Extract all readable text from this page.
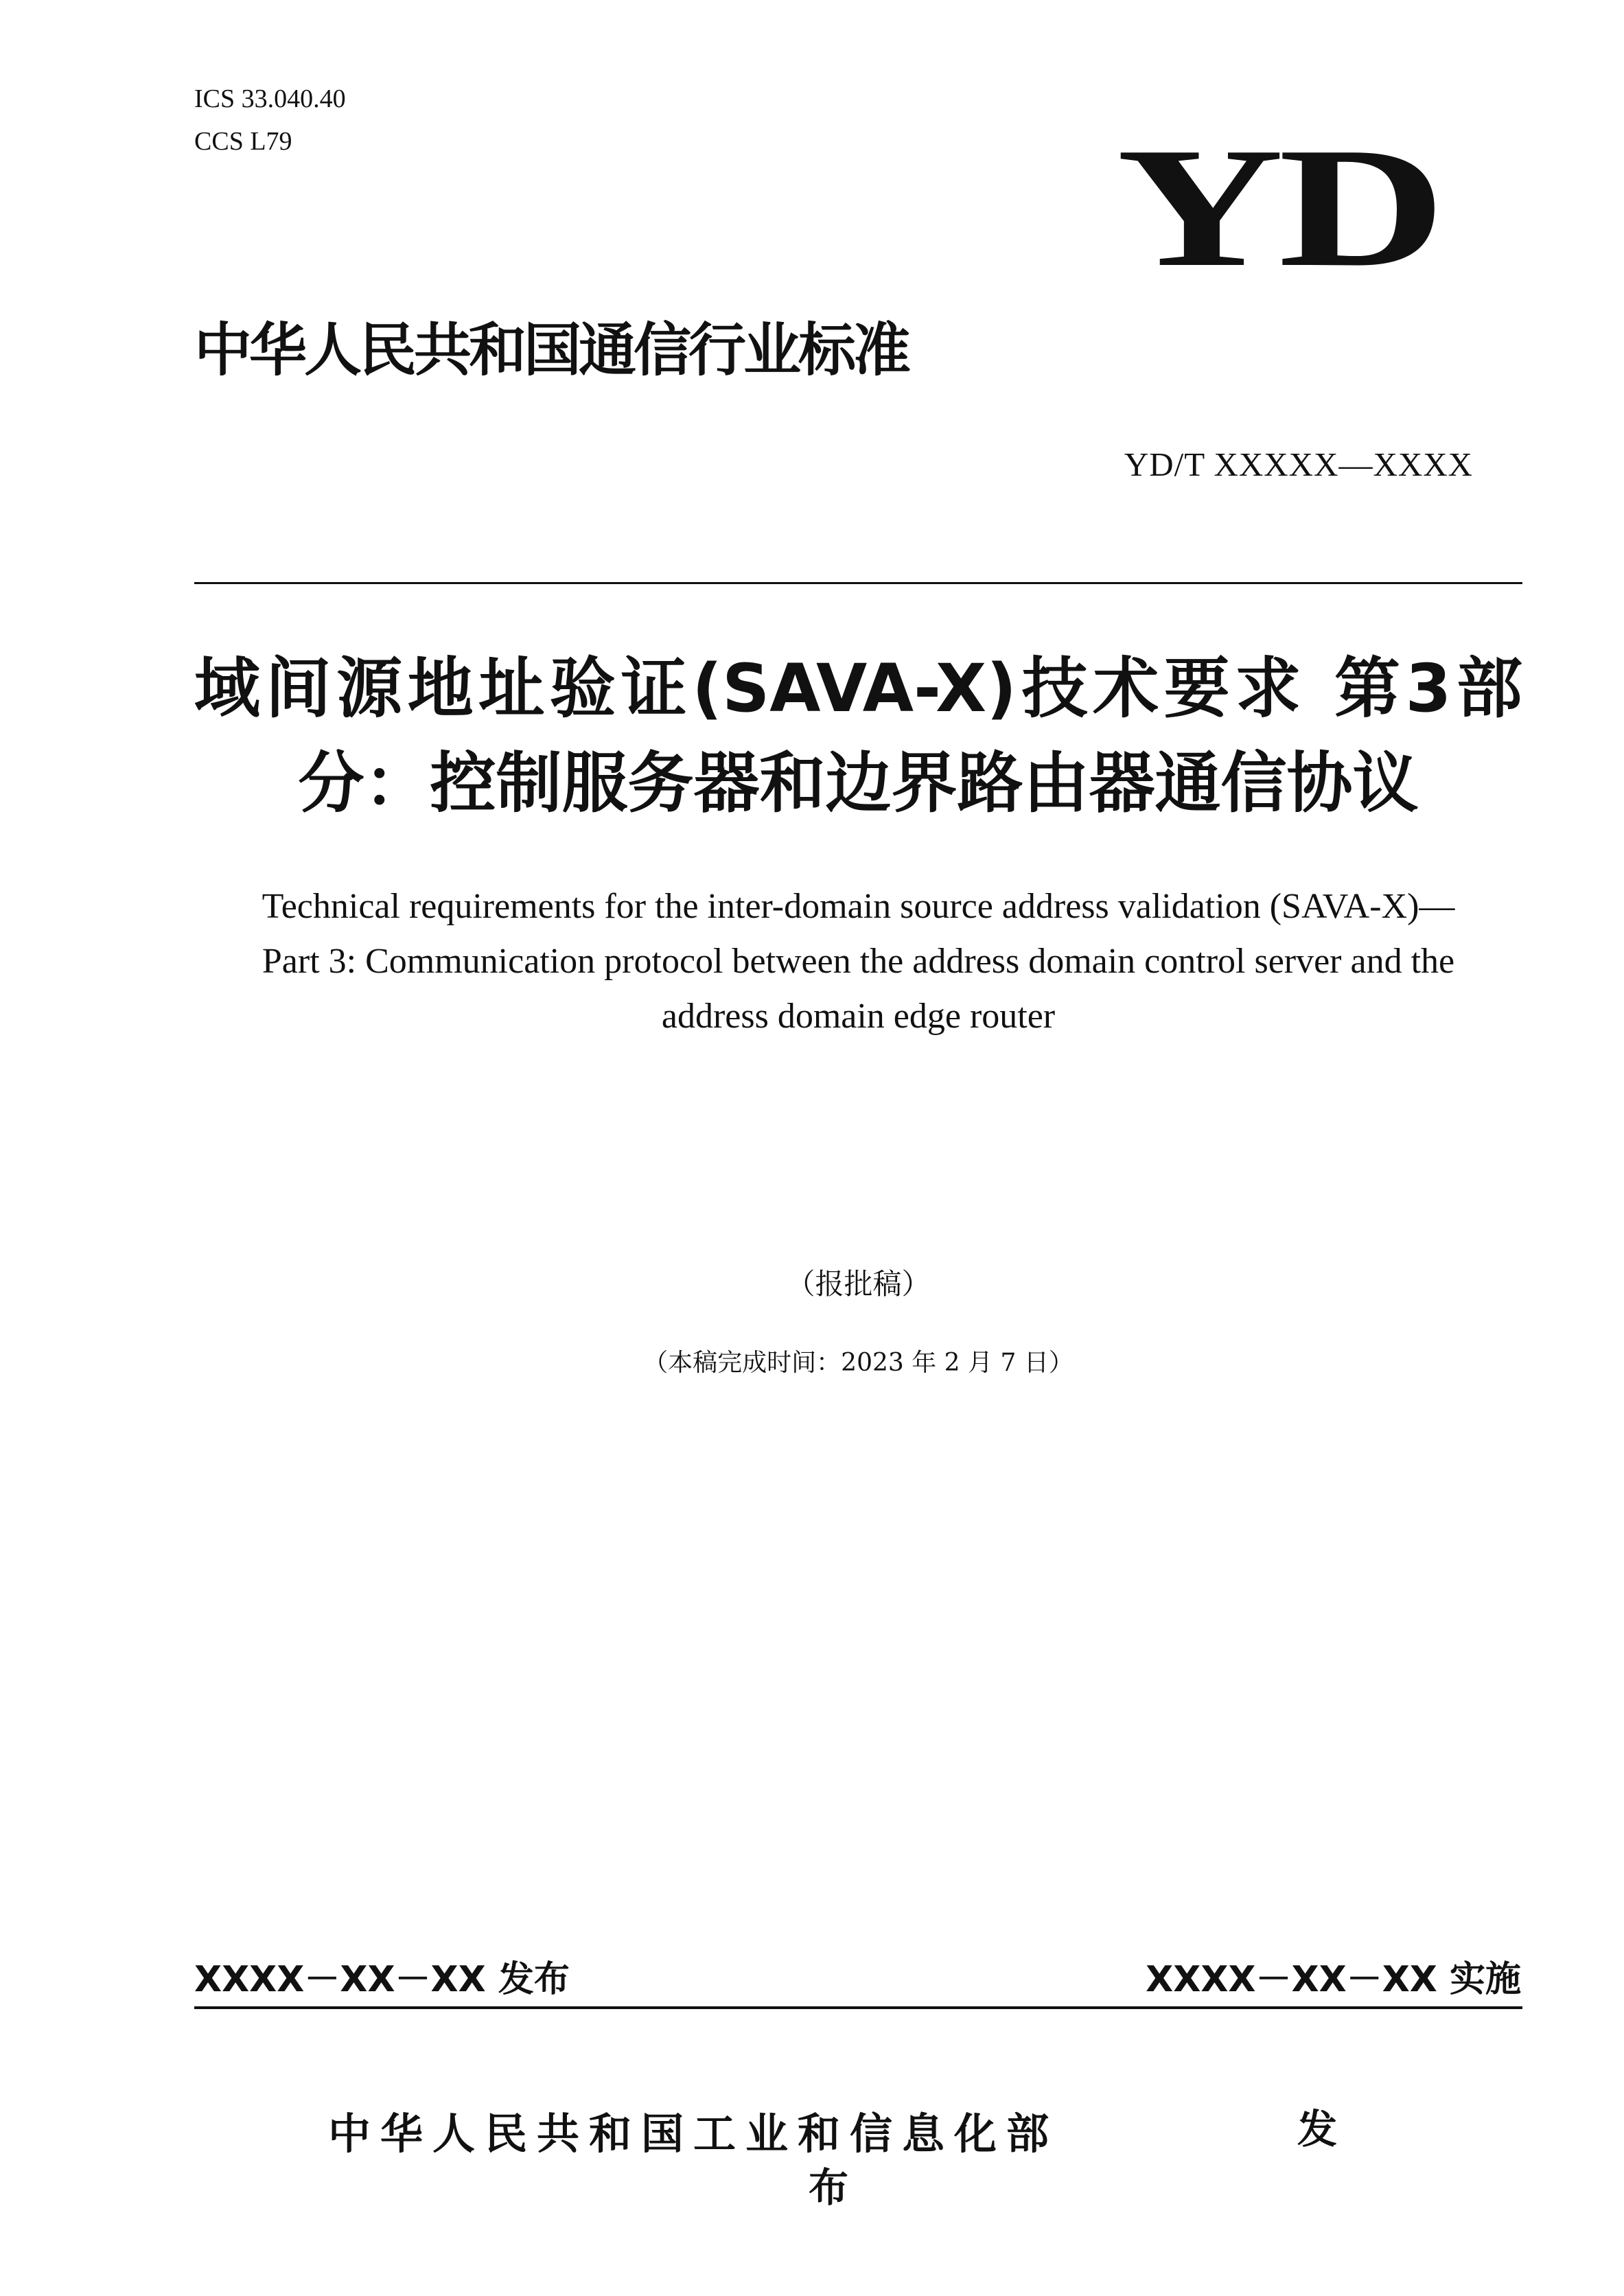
ICS 33.040.40
CCS L79	YD
中华人民共和国通信行业标准
YD/T XXXXX—XXXX
域间源地址验证(SAVA-X)技术要求 第3部
分：控制服务器和边界路由器通信协议
Technical requirements for the inter-domain source address validation (SAVA-X)—
Part 3: Communication protocol between the address domain control server and the
address domain edge router
（报批稿）
（本稿完成时间：2023 年 2 月 7 日）
XXXX－XX－XX 发布	XXXX－XX－XX 实施
中华人民共和国工业和信息化部	发
布
